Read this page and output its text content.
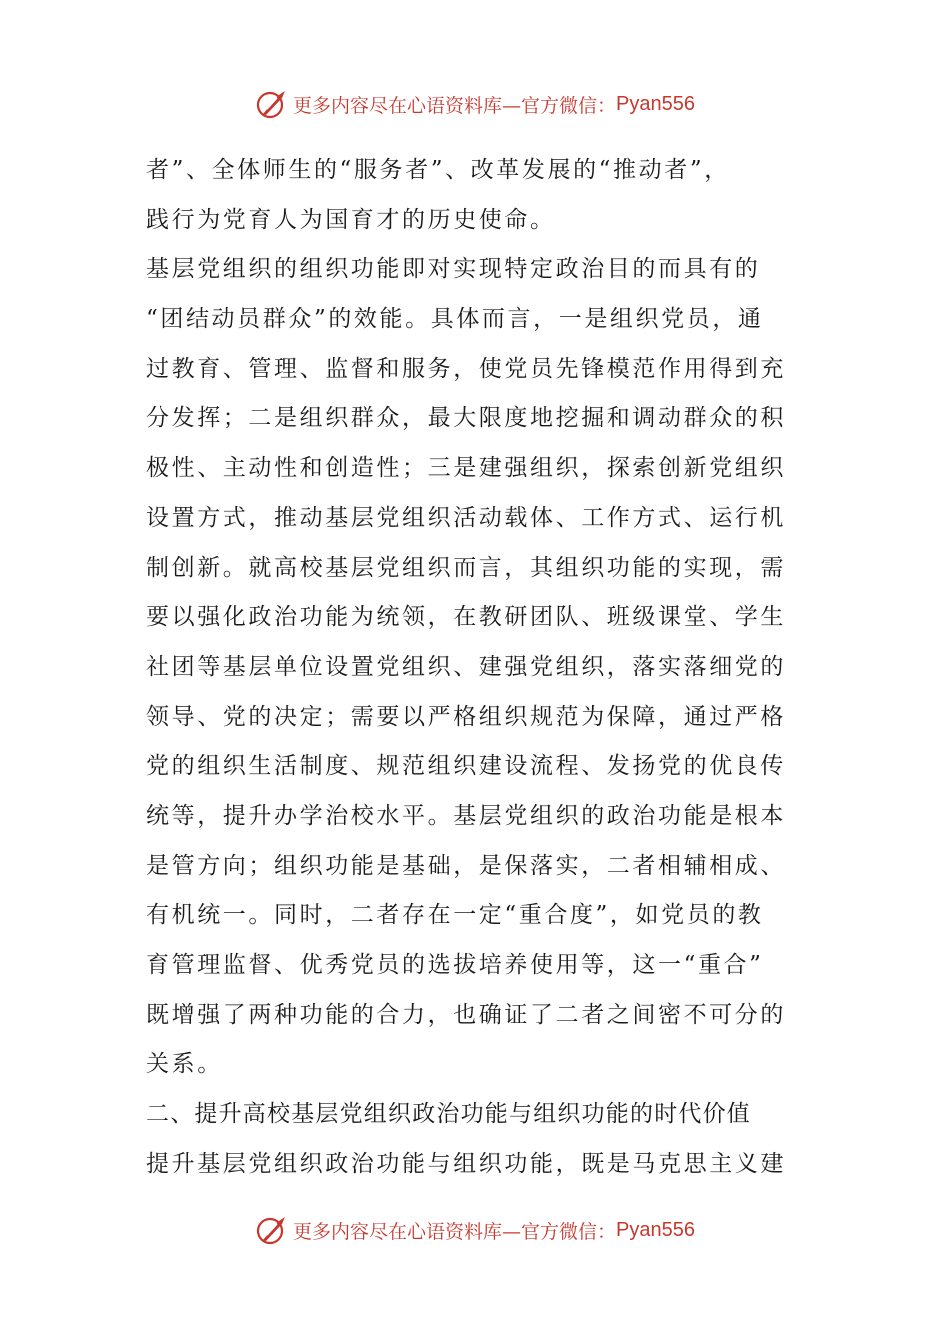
更多内容尽在心语资料库—官方微信： Pyan556
者”、全体师生的“服务者”、改革发展的“推动者”，
践行为党育人为国育才的历史使命。
基层党组织的组织功能即对实现特定政治目的而具有的
“团结动员群众”的效能。具体而言，一是组织党员，通
过教育、管理、监督和服务，使党员先锋模范作用得到充
分发挥；二是组织群众，最大限度地挖掘和调动群众的积
极性、主动性和创造性；三是建强组织，探索创新党组织
设置方式，推动基层党组织活动载体、工作方式、运行机
制创新。就高校基层党组织而言，其组织功能的实现，需
要以强化政治功能为统领，在教研团队、班级课堂、学生
社团等基层单位设置党组织、建强党组织，落实落细党的
领导、党的决定；需要以严格组织规范为保障，通过严格
党的组织生活制度、规范组织建设流程、发扬党的优良传
统等，提升办学治校水平。基层党组织的政治功能是根本
是管方向；组织功能是基础，是保落实，二者相辅相成、
有机统一。同时，二者存在一定“重合度”，如党员的教
育管理监督、优秀党员的选拔培养使用等，这一“重合”
既增强了两种功能的合力，也确证了二者之间密不可分的
关系。
二、提升高校基层党组织政治功能与组织功能的时代价值
提升基层党组织政治功能与组织功能，既是马克思主义建
更多内容尽在心语资料库—官方微信： Pyan556
